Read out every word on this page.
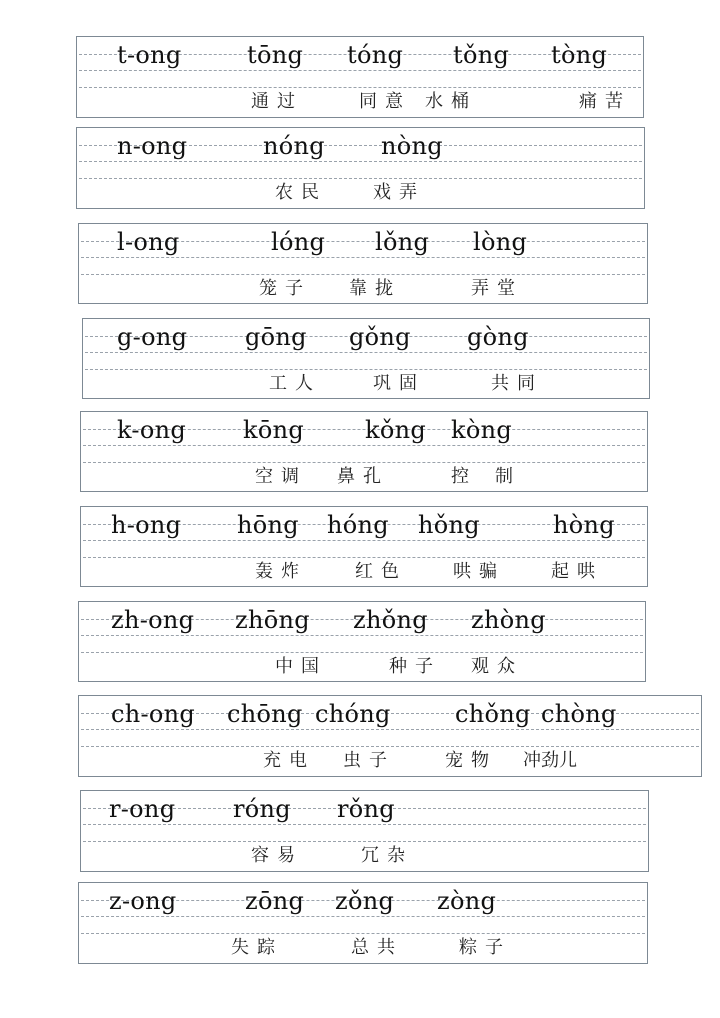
t-ong	tōng tóng tǒng tòng
通过	同意 水桶	痛苦
n-ong	nóng nòng
农民	戏弄
l-ong	lóng lǒng lòng
笼子 靠拢	弄堂
g-ong gōng gǒng gòng
工人	巩固	共同
k-ong kōng	kǒng kòng
空调 鼻孔	控制
h-ong hōng hóng hǒng	hòng
轰炸	红色	哄骗	起哄
zh-ong zhōng zhǒng zhòng
中国	种子 观众
ch-ong chōng chóng	chǒng chòng
充电 虫子	宠物 冲劲儿
r-ong róng rǒng
容易	冗杂
z-ong	zōng zǒng zòng
失踪	总共	粽子
